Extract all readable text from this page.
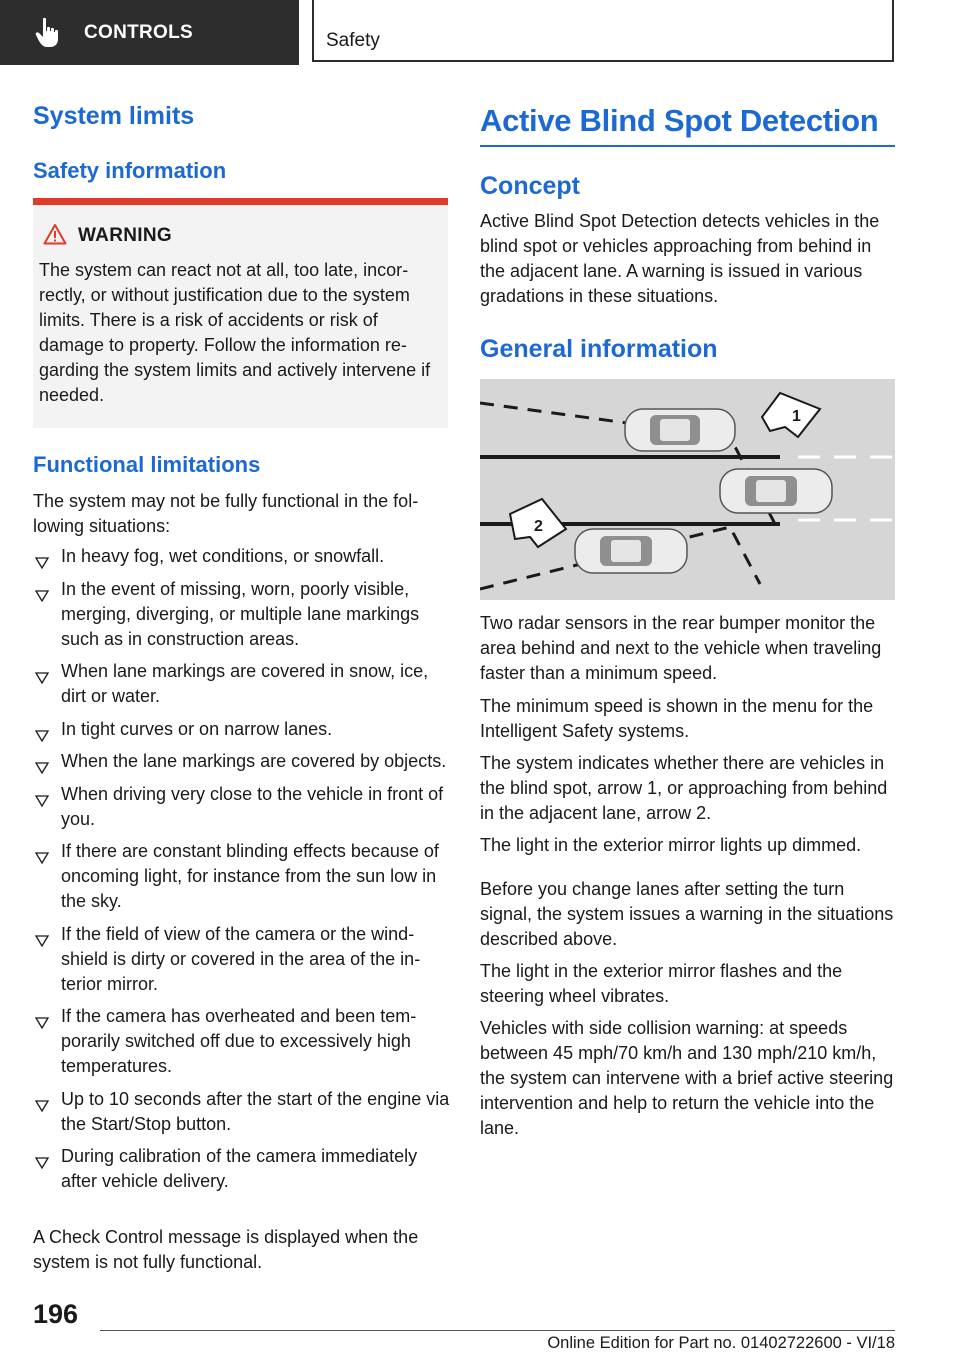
CONTROLS	Safety
System limits
Safety information
WARNING
The system can react not at all, too late, incorrectly, or without justification due to the system limits. There is a risk of accidents or risk of damage to property. Follow the information regarding the system limits and actively intervene if needed.
Functional limitations
The system may not be fully functional in the following situations:
In heavy fog, wet conditions, or snowfall.
In the event of missing, worn, poorly visible, merging, diverging, or multiple lane markings such as in construction areas.
When lane markings are covered in snow, ice, dirt or water.
In tight curves or on narrow lanes.
When the lane markings are covered by objects.
When driving very close to the vehicle in front of you.
If there are constant blinding effects because of oncoming light, for instance from the sun low in the sky.
If the field of view of the camera or the windshield is dirty or covered in the area of the interior mirror.
If the camera has overheated and been temporarily switched off due to excessively high temperatures.
Up to 10 seconds after the start of the engine via the Start/Stop button.
During calibration of the camera immediately after vehicle delivery.
A Check Control message is displayed when the system is not fully functional.
Active Blind Spot Detection
Concept
Active Blind Spot Detection detects vehicles in the blind spot or vehicles approaching from behind in the adjacent lane. A warning is issued in various gradations in these situations.
General information
1
2

Two radar sensors in the rear bumper monitor the area behind and next to the vehicle when traveling faster than a minimum speed.

The minimum speed is shown in the menu for the Intelligent Safety systems.

The system indicates whether there are vehicles in the blind spot, arrow 1, or approaching from behind in the adjacent lane, arrow 2.

The light in the exterior mirror lights up dimmed.

Before you change lanes after setting the turn signal, the system issues a warning in the situations described above.

The light in the exterior mirror flashes and the steering wheel vibrates.

Vehicles with side collision warning: at speeds between 45 mph/70 km/h and 130 mph/210 km/h, the system can intervene with a brief active steering intervention and help to return the vehicle into the lane.

196
Online Edition for Part no. 01402722600 - VI/18
